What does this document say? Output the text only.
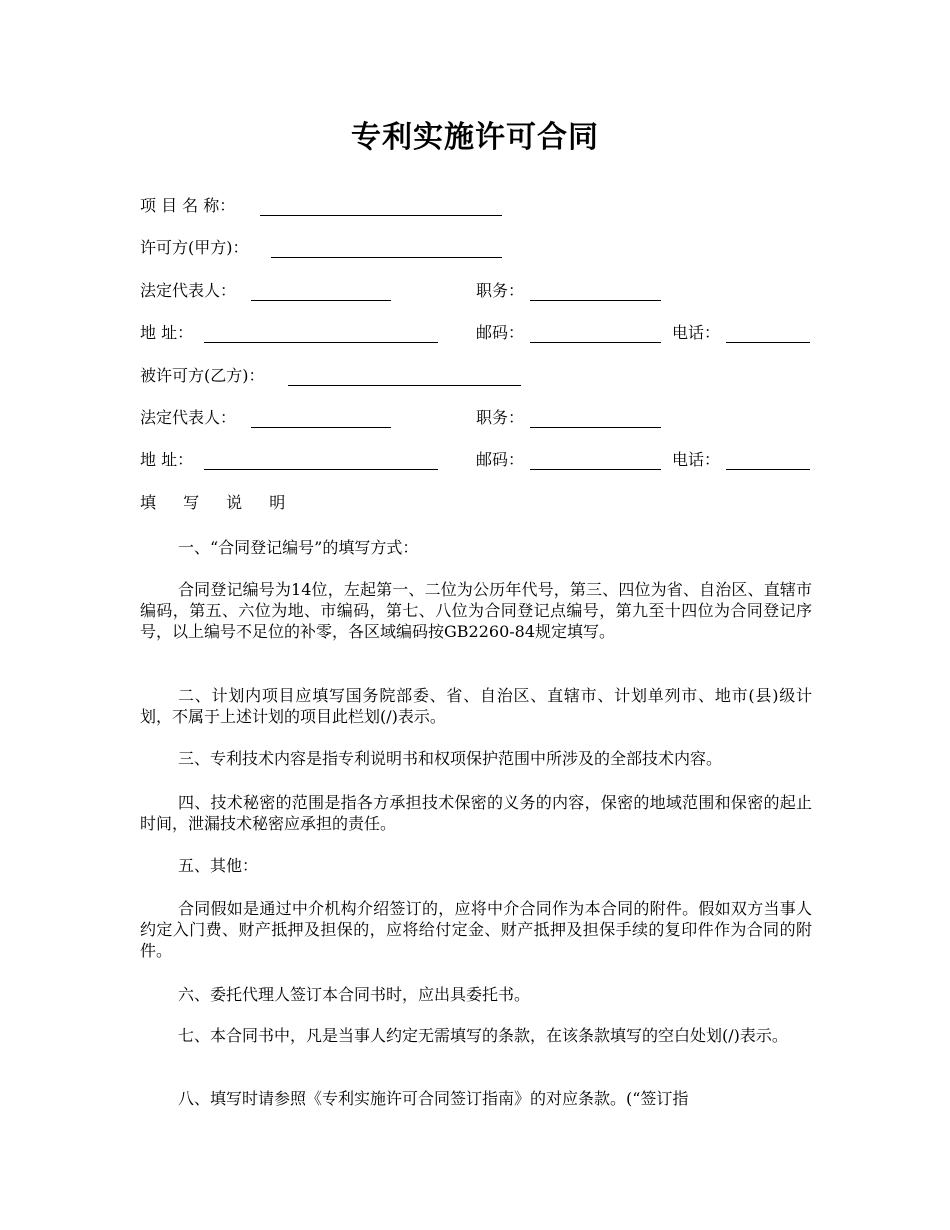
专利实施许可合同
项 目 名 称：
许可方(甲方)：
法定代表人：	职务：
地 址：	邮码：	电话：
被许可方(乙方)：
法定代表人：	职务：
地 址：	邮码：	电话：
填 写 说 明
一、“合同登记编号”的填写方式：
合同登记编号为14位，左起第一、二位为公历年代号，第三、四位为省、自治区、直辖市编码，第五、六位为地、市编码，第七、八位为合同登记点编号，第九至十四位为合同登记序号，以上编号不足位的补零，各区域编码按GB2260-84规定填写。
二、计划内项目应填写国务院部委、省、自治区、直辖市、计划单列市、地市(县)级计划，不属于上述计划的项目此栏划(/)表示。
三、专利技术内容是指专利说明书和权项保护范围中所涉及的全部技术内容。
四、技术秘密的范围是指各方承担技术保密的义务的内容，保密的地域范围和保密的起止时间，泄漏技术秘密应承担的责任。
五、其他：
合同假如是通过中介机构介绍签订的，应将中介合同作为本合同的附件。假如双方当事人约定入门费、财产抵押及担保的，应将给付定金、财产抵押及担保手续的复印件作为合同的附件。
六、委托代理人签订本合同书时，应出具委托书。
七、本合同书中，凡是当事人约定无需填写的条款，在该条款填写的空白处划(/)表示。
八、填写时请参照《专利实施许可合同签订指南》的对应条款。(“签订指
